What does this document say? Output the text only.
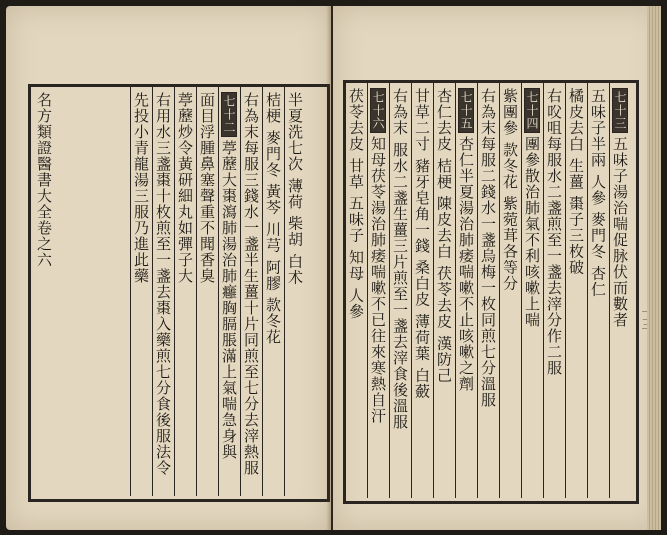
名方類證醫書大全卷之六	半夏洗七次 薄荷 柴胡 白术
桔梗 麥門冬 黃芩 川芎 阿膠 款冬花
右為末每服三錢水一盞半生薑十片同煎至七分去滓熱服
七十二葶藶大棗瀉肺湯治肺癰胸膈脹滿上氣喘急身與
面目浮腫鼻塞聲重不聞香臭
葶藶炒令黃研細丸如彈子大
右用水三盞棗十枚煎至一盞去棗入藥煎七分食後服法令
先投小青龍湯三服乃進此藥	七十三五味子湯治喘促脉伏而數者
五味子半兩 人參 麥門冬 杏仁
橘皮去白 生薑 棗子三枚破
右㕮咀每服水二盞煎至一盞去滓分作二服
七十四團參散治肺氣不利咳嗽上喘
紫團參 款冬花 紫菀茸各等分
右為末每服二錢水一盞烏梅一枚同煎七分溫服
七十五杏仁半夏湯治肺痿喘嗽不止咳嗽之劑
杏仁去皮 桔梗 陳皮去白 茯苓去皮 漢防己
甘草二寸 豬牙皂角一錢 桑白皮 薄荷葉 白蘞
右為末 服水二盞生薑三片煎至一盞去滓食後溫服
七十六知母茯苓湯治肺痿喘嗽不已往來寒熱自汗
茯苓去皮 甘草 五味子 知母 人參
